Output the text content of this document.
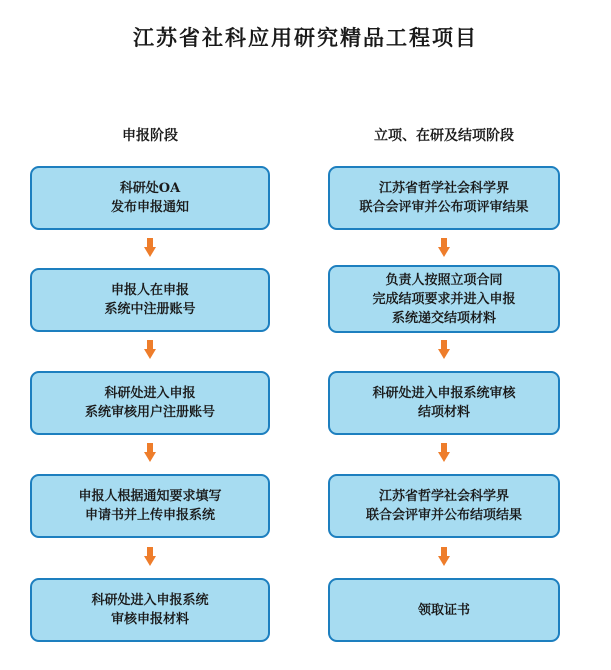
江苏省社科应用研究精品工程项目
申报阶段	立项、在研及结项阶段
科研处OA
发布申报通知
申报人在申报
系统中注册账号
科研处进入申报
系统审核用户注册账号
申报人根据通知要求填写
申请书并上传申报系统
科研处进入申报系统
审核申报材料
江苏省哲学社会科学界
联合会评审并公布项评审结果
负责人按照立项合同
完成结项要求并进入申报
系统递交结项材料
科研处进入申报系统审核
结项材料
江苏省哲学社会科学界
联合会评审并公布结项结果
领取证书
